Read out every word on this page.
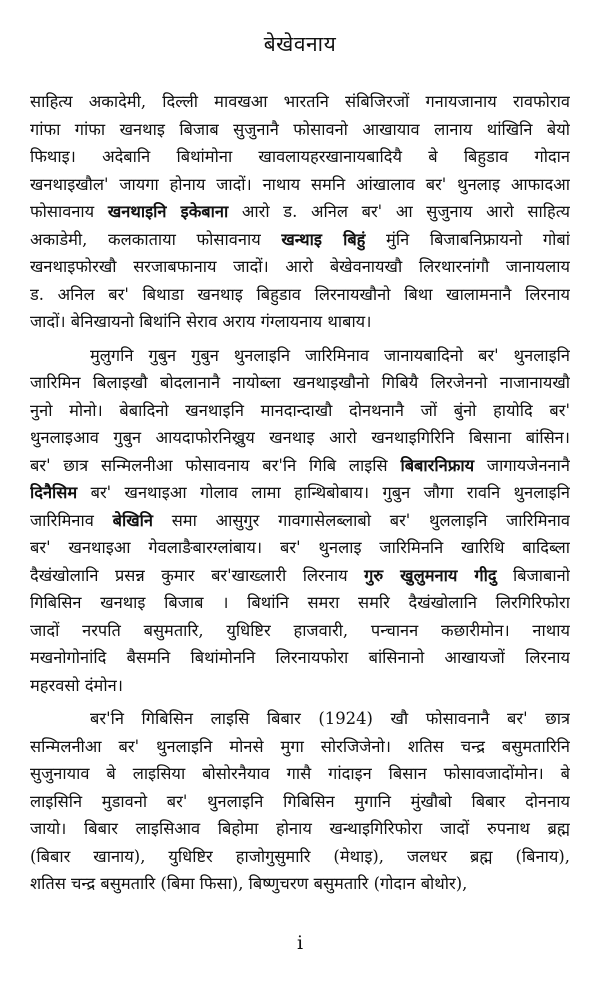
बेखेवनाय
साहित्य अकादेमी, दिल्ली मावखआ भारतनि संबिजिरजों गनायजानाय रावफोराव
गांफा गांफा खनथाइ बिजाब सुजुनानै फोसावनो आखायाव लानाय थांखिनि बेयो
फिथाइ। अदेबानि बिथांमोना खावलायहरखानायबादियै बे बिहुडाव गोदान
खनथाइखौल' जायगा होनाय जादों। नाथाय समनि आंखालाव बर' थुनलाइ आफादआ
फोसावनाय खनथाइनि इकेबाना आरो ड. अनिल बर' आ सुजुनाय आरो साहित्य
अकाडेमी, कलकाताया फोसावनाय खन्थाइ बिहुं मुंनि बिजाबनिफ्रायनो गोबां
खनथाइफोरखौ सरजाबफानाय जादों। आरो बेखेवनायखौ लिरथारनांगौ जानायलाय
ड. अनिल बर' बिथाडा खनथाइ बिहुडाव लिरनायखौनो बिथा खालामनानै लिरनाय
जादों। बेनिखायनो बिथांनि सेराव अराय गंग्लायनाय थाबाय।
मुलुगनि गुबुन गुबुन थुनलाइनि जारिमिनाव जानायबादिनो बर' थुनलाइनि
जारिमिन बिलाइखौ बोदलानानै नायोब्ला खनथाइखौनो गिबियै लिरजेननो नाजानायखौ
नुनो मोनो। बेबादिनो खनथाइनि मानदान्दाखौ दोनथनानै जों बुंनो हायोदि बर'
थुनलाइआव गुबुन आयदाफोरनिख्रुय खनथाइ आरो खनथाइगिरिनि बिसाना बांसिन।
बर' छात्र सन्मिलनीआ फोसावनाय बर'नि गिबि लाइसि बिबारनिफ्राय जागायजेननानै
दिनैसिम बर' खनथाइआ गोलाव लामा हान्थिबोबाय। गुबुन जौगा रावनि थुनलाइनि
जारिमिनाव बेखिनि समा आसुगुर गावगासेलब्लाबो बर' थुललाइनि जारिमिनाव
बर' खनथाइआ गेवलाङैबारग्लांबाय। बर' थुनलाइ जारिमिननि खारिथि बादिब्ला
दैखंखोलानि प्रसन्न कुमार बर'खाख्लारी लिरनाय गुरु खुलुमनाय गीदु बिजाबानो
गिबिसिन खनथाइ बिजाब । बिथांनि समरा समरि दैखंखोलानि लिरगिरिफोरा
जादों नरपति बसुमतारि, युधिष्टिर हाजवारी, पन्चानन कछारीमोन। नाथाय
मखनोगोनांदि बैसमनि बिथांमोननि लिरनायफोरा बांसिनानो आखायजों लिरनाय
महरवसो दंमोन।
बर'नि गिबिसिन लाइसि बिबार (1924) खौ फोसावनानै बर' छात्र
सन्मिलनीआ बर' थुनलाइनि मोनसे मुगा सोरजिजेनो। शतिस चन्द्र बसुमतारिनि
सुजुनायाव बे लाइसिया बोसोरनैयाव गासै गांदाइन बिसान फोसावजादोंमोन। बे
लाइसिनि मुडावनो बर' थुनलाइनि गिबिसिन मुगानि मुंखौबो बिबार दोननाय
जायो। बिबार लाइसिआव बिहोमा होनाय खन्थाइगिरिफोरा जादों रुपनाथ ब्रह्म
(बिबार खानाय), युधिष्टिर हाजोगुसुमारि (मेथाइ), जलधर ब्रह्म (बिनाय),
शतिस चन्द्र बसुमतारि (बिमा फिसा), बिष्णुचरण बसुमतारि (गोदान बोथोर),
i
